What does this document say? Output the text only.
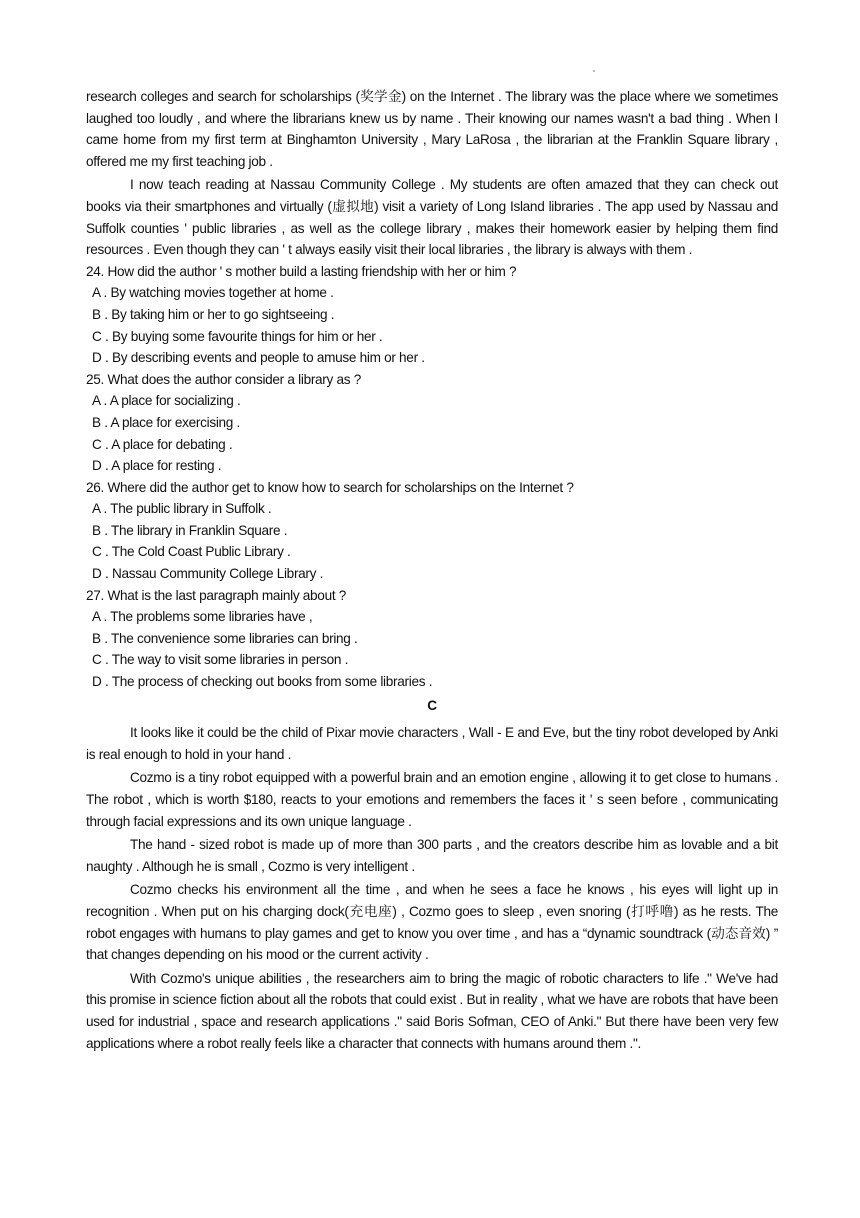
research colleges and search for scholarships (奖学金) on the Internet . The library was the place where we sometimes laughed too loudly , and where the librarians knew us by name . Their knowing our names wasn't a bad thing . When I came home from my first term at Binghamton University , Mary LaRosa , the librarian at the Franklin Square library , offered me my first teaching job .

I now teach reading at Nassau Community College . My students are often amazed that they can check out books via their smartphones and virtually (虚拟地) visit a variety of Long Island libraries . The app used by Nassau and Suffolk counties ' public libraries , as well as the college library , makes their homework easier by helping them find resources . Even though they can ' t always easily visit their local libraries , the library is always with them .

24. How did the author ' s mother build a lasting friendship with her or him ?

A . By watching movies together at home .

B . By taking him or her to go sightseeing .

C . By buying some favourite things for him or her .

D . By describing events and people to amuse him or her .

25. What does the author consider a library as ?

A . A place for socializing .

B . A place for exercising .

C . A place for debating .

D . A place for resting .

26. Where did the author get to know how to search for scholarships on the Internet ?

A . The public library in Suffolk .

B . The library in Franklin Square .

C . The Cold Coast Public Library .

D . Nassau Community College Library .

27. What is the last paragraph mainly about ?

A . The problems some libraries have ,

B . The convenience some libraries can bring .

C . The way to visit some libraries in person .

D . The process of checking out books from some libraries .

C

It looks like it could be the child of Pixar movie characters , Wall - E and Eve, but the tiny robot developed by Anki is real enough to hold in your hand .

Cozmo is a tiny robot equipped with a powerful brain and an emotion engine , allowing it to get close to humans . The robot , which is worth $180, reacts to your emotions and remembers the faces it ' s seen before , communicating through facial expressions and its own unique language .

The hand - sized robot is made up of more than 300 parts , and the creators describe him as lovable and a bit naughty . Although he is small , Cozmo is very intelligent .

Cozmo checks his environment all the time , and when he sees a face he knows , his eyes will light up in recognition . When put on his charging dock(充电座) , Cozmo goes to sleep , even snoring (打呼噜) as he rests. The robot engages with humans to play games and get to know you over time , and has a “dynamic soundtrack (动态音效) ” that changes depending on his mood or the current activity .

With Cozmo's unique abilities , the researchers aim to bring the magic of robotic characters to life ." We've had this promise in science fiction about all the robots that could exist . But in reality , what we have are robots that have been used for industrial , space and research applications ." said Boris Sofman, CEO of Anki." But there have been very few applications where a robot really feels like a character that connects with humans around them .".
